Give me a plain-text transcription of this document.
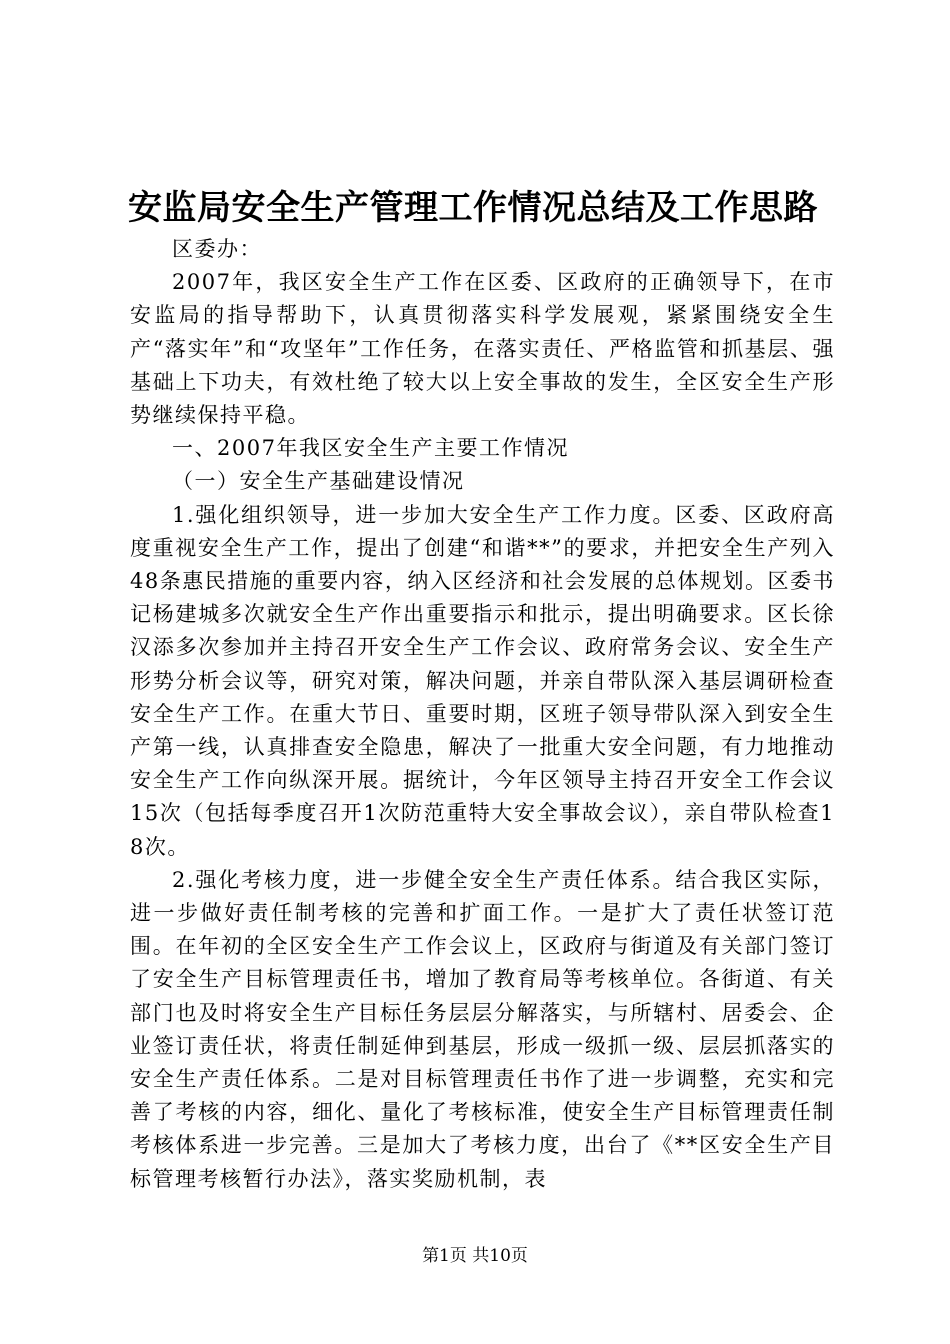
安监局安全生产管理工作情况总结及工作思路

区委办：

2007年，我区安全生产工作在区委、区政府的正确领导下，在市安监局的指导帮助下，认真贯彻落实科学发展观，紧紧围绕安全生产“落实年”和“攻坚年”工作任务，在落实责任、严格监管和抓基层、强基础上下功夫，有效杜绝了较大以上安全事故的发生，全区安全生产形势继续保持平稳。

一、2007年我区安全生产主要工作情况

（一）安全生产基础建设情况

1.强化组织领导，进一步加大安全生产工作力度。区委、区政府高度重视安全生产工作，提出了创建“和谐**”的要求，并把安全生产列入48条惠民措施的重要内容，纳入区经济和社会发展的总体规划。区委书记杨建城多次就安全生产作出重要指示和批示，提出明确要求。区长徐汉添多次参加并主持召开安全生产工作会议、政府常务会议、安全生产形势分析会议等，研究对策，解决问题，并亲自带队深入基层调研检查安全生产工作。在重大节日、重要时期，区班子领导带队深入到安全生产第一线，认真排查安全隐患，解决了一批重大安全问题，有力地推动安全生产工作向纵深开展。据统计，今年区领导主持召开安全工作会议15次（包括每季度召开1次防范重特大安全事故会议），亲自带队检查18次。

2.强化考核力度，进一步健全安全生产责任体系。结合我区实际，进一步做好责任制考核的完善和扩面工作。一是扩大了责任状签订范围。在年初的全区安全生产工作会议上，区政府与街道及有关部门签订了安全生产目标管理责任书，增加了教育局等考核单位。各街道、有关部门也及时将安全生产目标任务层层分解落实，与所辖村、居委会、企业签订责任状，将责任制延伸到基层，形成一级抓一级、层层抓落实的安全生产责任体系。二是对目标管理责任书作了进一步调整，充实和完善了考核的内容，细化、量化了考核标准，使安全生产目标管理责任制考核体系进一步完善。三是加大了考核力度，出台了《**区安全生产目标管理考核暂行办法》，落实奖励机制，表

第1页 共10页
